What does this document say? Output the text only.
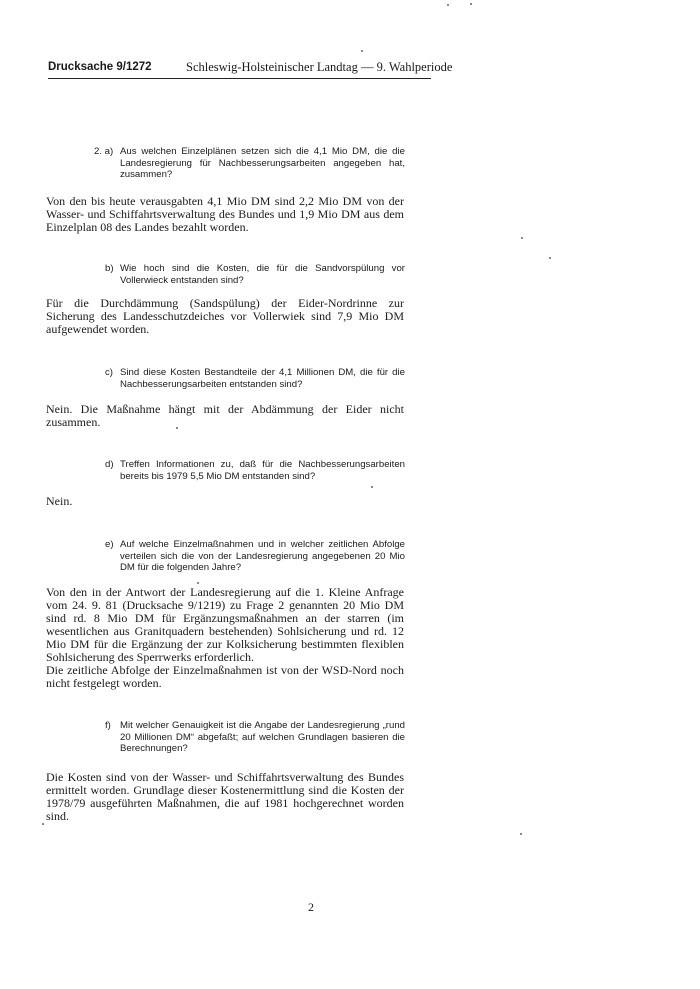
Drucksache 9/1272	Schleswig-Holsteinischer Landtag — 9. Wahlperiode
2. a) Aus welchen Einzelplänen setzen sich die 4,1 Mio DM, die die Landesregierung für Nachbesserungsarbeiten angegeben hat, zusammen?

Von den bis heute verausgabten 4,1 Mio DM sind 2,2 Mio DM von der Wasser- und Schiffahrtsverwaltung des Bundes und 1,9 Mio DM aus dem Einzelplan 08 des Landes bezahlt worden.

b) Wie hoch sind die Kosten, die für die Sandvorspülung vor Vollerwieck entstanden sind?

Für die Durchdämmung (Sandspülung) der Eider-Nordrinne zur Sicherung des Landesschutzdeiches vor Vollerwiek sind 7,9 Mio DM aufgewendet worden.

c) Sind diese Kosten Bestandteile der 4,1 Millionen DM, die für die Nachbesserungsarbeiten entstanden sind?

Nein. Die Maßnahme hängt mit der Abdämmung der Eider nicht zusammen.

d) Treffen Informationen zu, daß für die Nachbesserungsarbeiten bereits bis 1979 5,5 Mio DM entstanden sind?

Nein.

e) Auf welche Einzelmaßnahmen und in welcher zeitlichen Abfolge verteilen sich die von der Landesregierung angegebenen 20 Mio DM für die folgenden Jahre?

Von den in der Antwort der Landesregierung auf die 1. Kleine Anfrage vom 24. 9. 81 (Drucksache 9/1219) zu Frage 2 genannten 20 Mio DM sind rd. 8 Mio DM für Ergänzungsmaßnahmen an der starren (im wesentlichen aus Granitquadern bestehenden) Sohlsicherung und rd. 12 Mio DM für die Ergänzung der zur Kolksicherung bestimmten flexiblen Sohlsicherung des Sperrwerks erforderlich.

Die zeitliche Abfolge der Einzelmaßnahmen ist von der WSD-Nord noch nicht festgelegt worden.

f) Mit welcher Genauigkeit ist die Angabe der Landesregierung „rund 20 Millionen DM“ abgefaßt; auf welchen Grundlagen basieren die Berechnungen?

Die Kosten sind von der Wasser- und Schiffahrtsverwaltung des Bundes ermittelt worden. Grundlage dieser Kostenermittlung sind die Kosten der 1978/79 ausgeführten Maßnahmen, die auf 1981 hochgerechnet worden sind.

2
